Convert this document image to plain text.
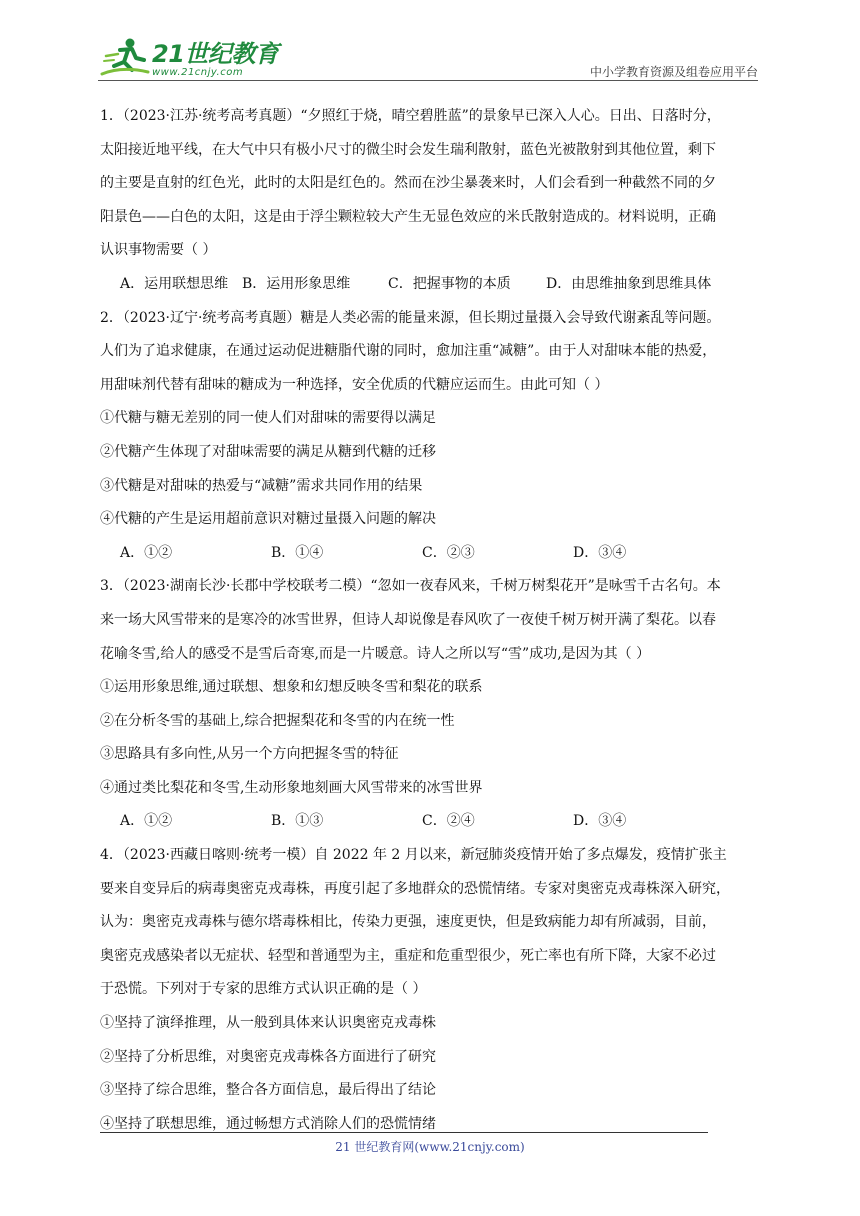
21世纪教育
www.21cnjy.com	中小学教育资源及组卷应用平台
1．（2023·江苏·统考高考真题）“夕照红于烧，晴空碧胜蓝”的景象早已深入人心。日出、日落时分，
太阳接近地平线，在大气中只有极小尺寸的微尘时会发生瑞利散射，蓝色光被散射到其他位置，剩下
的主要是直射的红色光，此时的太阳是红色的。然而在沙尘暴袭来时，人们会看到一种截然不同的夕
阳景色——白色的太阳，这是由于浮尘颗粒较大产生无显色效应的米氏散射造成的。材料说明，正确
认识事物需要（ ）
A．运用联想思维 B．运用形象思维	C．把握事物的本质	D．由思维抽象到思维具体
2．（2023·辽宁·统考高考真题）糖是人类必需的能量来源，但长期过量摄入会导致代谢紊乱等问题。
人们为了追求健康，在通过运动促进糖脂代谢的同时，愈加注重“减糖”。由于人对甜味本能的热爱，
用甜味剂代替有甜味的糖成为一种选择，安全优质的代糖应运而生。由此可知（ ）
①代糖与糖无差别的同一使人们对甜味的需要得以满足
②代糖产生体现了对甜味需要的满足从糖到代糖的迁移
③代糖是对甜味的热爱与“减糖”需求共同作用的结果
④代糖的产生是运用超前意识对糖过量摄入问题的解决
A．①②	B．①④	C．②③	D．③④
3．（2023·湖南长沙·长郡中学校联考二模）“忽如一夜春风来，千树万树梨花开”是咏雪千古名句。本
来一场大风雪带来的是寒冷的冰雪世界，但诗人却说像是春风吹了一夜使千树万树开满了梨花。以春
花喻冬雪,给人的感受不是雪后奇寒,而是一片暖意。诗人之所以写“雪”成功,是因为其（ ）
①运用形象思维,通过联想、想象和幻想反映冬雪和梨花的联系
②在分析冬雪的基础上,综合把握梨花和冬雪的内在统一性
③思路具有多向性,从另一个方向把握冬雪的特征
④通过类比梨花和冬雪,生动形象地刻画大风雪带来的冰雪世界
A．①②	B．①③	C．②④	D．③④
4．（2023·西藏日喀则·统考一模）自 2022 年 2 月以来，新冠肺炎疫情开始了多点爆发，疫情扩张主
要来自变异后的病毒奥密克戎毒株，再度引起了多地群众的恐慌情绪。专家对奥密克戎毒株深入研究，
认为：奥密克戎毒株与德尔塔毒株相比，传染力更强，速度更快，但是致病能力却有所减弱，目前，
奥密克戎感染者以无症状、轻型和普通型为主，重症和危重型很少，死亡率也有所下降，大家不必过
于恐慌。下列对于专家的思维方式认识正确的是（ ）
①坚持了演绎推理，从一般到具体来认识奥密克戎毒株
②坚持了分析思维，对奥密克戎毒株各方面进行了研究
③坚持了综合思维，整合各方面信息，最后得出了结论
④坚持了联想思维，通过畅想方式消除人们的恐慌情绪
21 世纪教育网(www.21cnjy.com)
